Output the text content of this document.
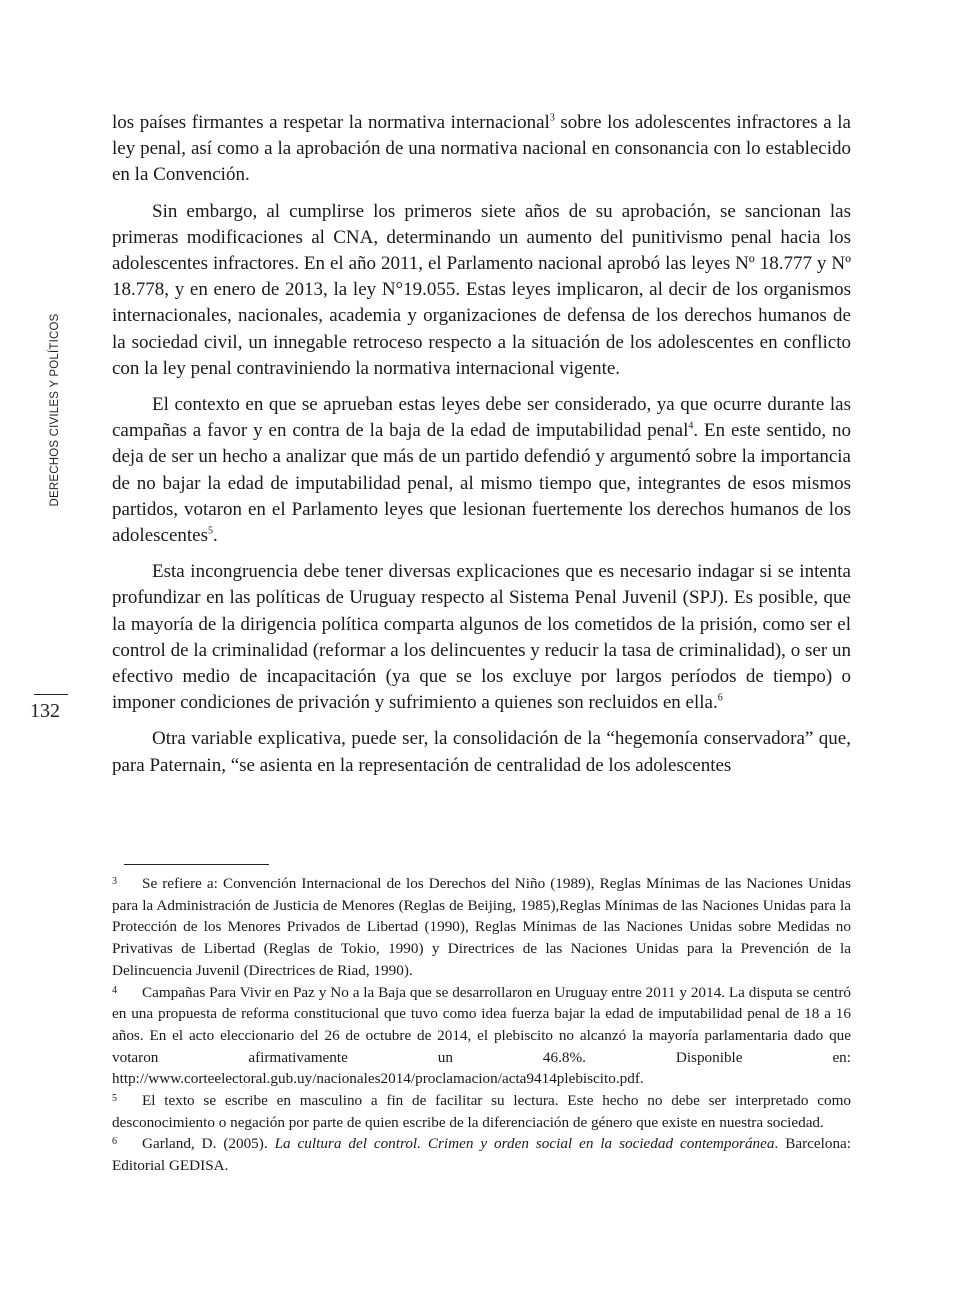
DERECHOS CIVILES Y POLÍTICOS
132

los países firmantes a respetar la normativa internacional$^3$ sobre los adolescentes infractores a la ley penal, así como a la aprobación de una normativa nacional en consonancia con lo establecido en la Convención.

Sin embargo, al cumplirse los primeros siete años de su aprobación, se sancionan las primeras modificaciones al CNA, determinando un aumento del punitivismo penal hacia los adolescentes infractores. En el año 2011, el Parlamento nacional aprobó las leyes Nº 18.777 y Nº 18.778, y en enero de 2013, la ley N°19.055. Estas leyes implicaron, al decir de los organismos internacionales, nacionales, academia y organizaciones de defensa de los derechos humanos de la sociedad civil, un innegable retroceso respecto a la situación de los adolescentes en conflicto con la ley penal contraviniendo la normativa internacional vigente.

El contexto en que se aprueban estas leyes debe ser considerado, ya que ocurre durante las campañas a favor y en contra de la baja de la edad de imputabilidad penal$^4$. En este sentido, no deja de ser un hecho a analizar que más de un partido defendió y argumentó sobre la importancia de no bajar la edad de imputabilidad penal, al mismo tiempo que, integrantes de esos mismos partidos, votaron en el Parlamento leyes que lesionan fuertemente los derechos humanos de los adolescentes$^5$.

Esta incongruencia debe tener diversas explicaciones que es necesario indagar si se intenta profundizar en las políticas de Uruguay respecto al Sistema Penal Juvenil (SPJ). Es posible, que la mayoría de la dirigencia política comparta algunos de los cometidos de la prisión, como ser el control de la criminalidad (reformar a los delincuentes y reducir la tasa de criminalidad), o ser un efectivo medio de incapacitación (ya que se los excluye por largos períodos de tiempo) o imponer condiciones de privación y sufrimiento a quienes son recluidos en ella.$^6$

Otra variable explicativa, puede ser, la consolidación de la “hegemonía conservadora” que, para Paternain, “se asienta en la representación de centralidad de los adolescentes

3 Se refiere a: Convención Internacional de los Derechos del Niño (1989), Reglas Mínimas de las Naciones Unidas para la Administración de Justicia de Menores (Reglas de Beijing, 1985),Reglas Mínimas de las Naciones Unidas para la Protección de los Menores Privados de Libertad (1990), Reglas Mínimas de las Naciones Unidas sobre Medidas no Privativas de Libertad (Reglas de Tokio, 1990) y Directrices de las Naciones Unidas para la Prevención de la Delincuencia Juvenil (Directrices de Riad, 1990).

4 Campañas Para Vivir en Paz y No a la Baja que se desarrollaron en Uruguay entre 2011 y 2014. La disputa se centró en una propuesta de reforma constitucional que tuvo como idea fuerza bajar la edad de imputabilidad penal de 18 a 16 años. En el acto eleccionario del 26 de octubre de 2014, el plebiscito no alcanzó la mayoría parlamentaria dado que votaron afirmativamente un 46.8%. Disponible en: http://www.corteelectoral.gub.uy/nacionales2014/proclamacion/acta9414plebiscito.pdf.

5 El texto se escribe en masculino a fin de facilitar su lectura. Este hecho no debe ser interpretado como desconocimiento o negación por parte de quien escribe de la diferenciación de género que existe en nuestra sociedad.

6 Garland, D. (2005). La cultura del control. Crimen y orden social en la sociedad contemporánea. Barcelona: Editorial GEDISA.
